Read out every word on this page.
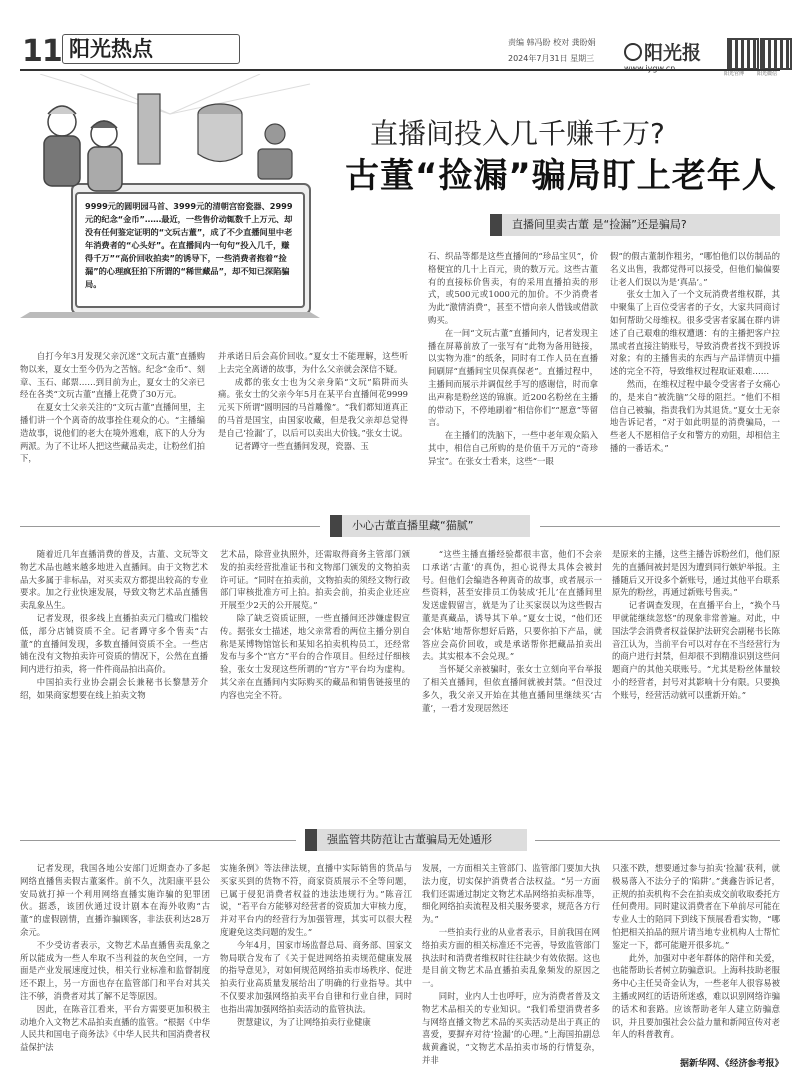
11 阳光热点	责编 韩冯盼 校对 龚盼娟
2024年7月31日 星期三	阳光报
阳光官博	阳光微信
9999元的圆明园马首、3999元的清朝宫窑瓷器、2999元的纪念“金币”……最近，一些售价动辄数千上万元、却没有任何鉴定证明的“文玩古董”，成了不少直播间里中老年消费者的“心头好”。在直播间内一句句“投入几千，赚得千万”“高价回收拍卖”的诱导下，一些消费者抱着“捡漏”的心理疯狂拍下所谓的“稀世藏品”，却不知已深陷骗局。
直播间投入几千赚千万?
古董“捡漏”骗局盯上老年人
直播间里卖古董 是“捡漏”还是骗局?
小心古董直播里藏“猫腻”
强监管共防范让古董骗局无处遁形

自打今年3月发现父亲沉迷“文玩古董”直播购物以来，夏女士至今仍为之苦恼。纪念“金币”、刻章、玉石、邮票……到目前为止，夏女士的父亲已经在各类“文玩古董”直播上花费了30万元。

在夏女士父亲关注的“文玩古董”直播间里，主播们讲一个个离奇的故事拴住观众的心。“主播编造故事，说他们的老大在境外逃难，底下的人分为两派。为了不让坏人把这些藏品卖走，让粉丝们拍下，

并承诺日后会高价回收。”夏女士不能理解，这些听上去完全离谱的故事，为什么父亲就会深信不疑。

成都的张女士也为父亲身陷“文玩”陷阱而头痛。张女士的父亲今年5月在某平台直播间花9999元买下所谓“圆明园的马首雕像”。“我们都知道真正的马首是国宝，由国家收藏，但是我父亲却总觉得是自己‘捡漏’了，以后可以卖出大价钱。”张女士说。

记者蹲守一些直播间发现，瓷器、玉

石、织品等都是这些直播间的“珍品宝贝”，价格便宜的几十上百元，贵的数万元。这些古董有的直接标价售卖，有的采用直播拍卖的形式，或500元或1000元的加价。不少消费者为此“激情消费”，甚至不惜向亲人借钱或借款购买。

在一间“文玩古董”直播间内，记者发现主播在屏幕前放了一张写有“此物为备用链接，以实物为准”的纸条，同时有工作人员在直播间刷屏“直播间宝贝保真保老”。直播过程中，主播间而展示并调侃丝手写的感谢信，时而拿出声称是粉丝送的锦旗。近200名粉丝在主播的带动下，不停地刷着“相信你们”“愿意”等留言。

在主播们的洗脑下，一些中老年观众陷入其中，相信自己所购的是价值千万元的“奇珍异宝”。在张女士看来，这些“一眼

假”的假古董制作粗劣，“哪怕他们以仿制品的名义出售，我都觉得可以接受，但他们偏偏要让老人们误以为是‘真品’。”

张女士加入了一个文玩消费者维权群，其中聚集了上百位受害者的子女，大家共同商讨如何帮助父母维权。很多受害者家属在群内讲述了自己艰难的维权遭遇：有的主播把客户拉黑或者直接注销账号，导致消费者找不到投诉对象；有的主播售卖的东西与产品详情页中描述的完全不符，导致维权过程取证艰难……

然而，在维权过程中最令受害者子女痛心的，是来自“被洗脑”父母的阻拦。“他们不相信自己被骗，指责我们为其退货。”夏女士无奈地告诉记者，“对于如此明显的消费骗局，一些老人不愿相信子女和警方的劝阻，却相信主播的一番话术。”

随着近几年直播消费的普及，古董、文玩等文物艺术品也越来越多地进入直播间。由于文物艺术品大多属于非标品，对买卖双方都提出较高的专业要求。加之行业快速发展，导致文物艺术品直播售卖乱象丛生。

记者发现，很多线上直播拍卖元门槛或门槛较低，部分店铺资质不全。记者蹲守多个售卖“古董”的直播间发现，多数直播间资质不全。一些店铺在没有文物拍卖许可资质的情况下，公然在直播间内进行拍卖，将一件件商品拍出高价。

中国拍卖行业协会副会长兼秘书长黎慧芳介绍，如果商家想要在线上拍卖文物

艺术品，除营业执照外，还需取得商务主管部门颁发的拍卖经营批准证书和文物部门颁发的文物拍卖许可证。“同时在拍卖前，文物拍卖的须经文物行政部门审核批准方可上拍。拍卖会前，拍卖企业还应开展至少2天的公开展览。”

除了缺乏资质证照，一些直播间还涉嫌虚假宣传。据张女士描述，地父亲常看的两位主播分别自称是某博物馆馆长和某知名拍卖机构员工，还经常发布与多个“官方”平台的合作项目。但经过仔细核验，张女士发现这些所谓的“官方”平台均为虚构。其父亲在直播间内实际购买的藏品和销售链接里的内容也完全不符。

“这些主播直播经验都很丰富，他们不会亲口承诺‘古董’的真伪，担心说得太具体会被封号。但他们会编造各种离奇的故事，或者展示一些资料，甚至安排员工伪装成‘托儿’在直播间里发送虚假留言，就是为了让买家误以为这些假古董是真藏品，诱导其下单。”夏女士说，“他们还会‘体贴’地帮你想好后路，只要你拍下产品，就答应会高价回收，或是承诺帮你把藏品拍卖出去。其实根本不会兑现。”

当怀疑父亲被骗时，张女士立刻向平台举报了相关直播间，但依直播间就被封禁。“但没过多久，我父亲又开始在其他直播间里继续买‘古董’，一看才发现居然还

是原来的主播，这些主播告诉粉丝们，他们原先的直播间被封是因为遭到同行嫉妒举报。主播随后又开设多个新账号，通过其他平台联系原先的粉丝，再通过新账号售卖。”

记者调查发现，在直播平台上，“换个马甲就能继续忽悠”的现象非常普遍。对此，中国法学会消费者权益保护法研究会副秘书长陈音江认为，当前平台可以对存在不当经营行为的商户进行封禁，但却很不到精准识别这些问题商户的其他关联账号。“尤其是粉丝体量较小的经营者，封号对其影响十分有限。只要换个账号，经营活动就可以重新开始。”

记者发现，我国各地公安部门近期查办了多起网络直播售卖假古董案件。前不久，沈阳康平县公安局就打掉一个利用网络直播实施诈骗的犯罪团伙。据悉，该团伙通过设计剧本在海外收购“古董”的虚假剧情，直播诈骗顾客，非法获利达28万余元。

不少受访者表示，文物艺术品直播售卖乱象之所以能成为一些人牟取不当利益的灰色空间，一方面是产业发展速度过快，相关行业标准和监督制度还不跟上，另一方面也存在监管部门和平台对其关注不够，消费者对其了解不足等原因。

因此，在陈音江看来，平台方需要更加积极主动地介入文物艺术品拍卖直播的监管。“根据《中华人民共和国电子商务法》《中华人民共和国消费者权益保护法

实施条例》等法律法规，直播中实际销售的货品与买家买到的货物不符，商家资质展示不全等问题，已属于侵犯消费者权益的违法违规行为。”陈音江说，“若平台方能够对经营者的资质加大审核力度，并对平台内的经营行为加强管理，其实可以很大程度避免这类问题的发生。”

今年4月，国家市场监督总局、商务部、国家文物局联合发布了《关于促进网络拍卖规范健康发展的指导意见》，对如何规范网络拍卖市场秩序、促进拍卖行业高质量发展给出了明确的行业指导。其中不仅要求加强网络拍卖平台自律和行业自律，同时也指出需加强网络拍卖活动的监管执法。

贺慧建议，为了让网络拍卖行业健康

发展，一方面相关主管部门、监管部门要加大执法力度，切实保护消费者合法权益。“另一方面我们还需通过制定文物艺术品网络拍卖标准等，细化网络拍卖流程及相关服务要求，规范各方行为。”

一些拍卖行业的从业者表示，目前我国在网络拍卖方面的相关标准还不完善，导致监管部门执法时和消费者维权时往往缺少有效依据。这也是目前文物艺术品直播拍卖乱象频发的原因之一。

同时，业内人士也呼吁，应为消费者普及文物艺术品相关的专业知识。“我们希望消费者多与网络直播文物艺术品的买卖活动是出于真正的喜爱，要摒弃对待‘捡漏’的心理。”上海国拍副总裁黄鑫说，“文物艺术品拍卖市场的行情复杂，并非

只涨不跌，想要通过参与拍卖‘捡漏’获利，就极易落入不法分子的‘陷阱’。”龚鑫告诉记者，正规的拍卖机构不会在拍卖成交前收取委托方任何费用。同时建议消费者在下单前尽可能在专业人士的陪同下到线下预展看看实物，“哪怕把相关拍品的照片请当地专业机构人士帮忙鉴定一下，都可能避开很多坑。”

此外，加强对中老年群体的陪伴和关爱，也能帮助长者树立防骗意识。上海科技助老服务中心主任吴奇金认为，一些老年人很容易被主播或网红的话语所迷惑，难以识别网络诈骗的话术和套路。应该帮助老年人建立防骗意识，并且要加强社会公益力量和新闻宣传对老年人的科普教育。

据新华网、《经济参考报》
